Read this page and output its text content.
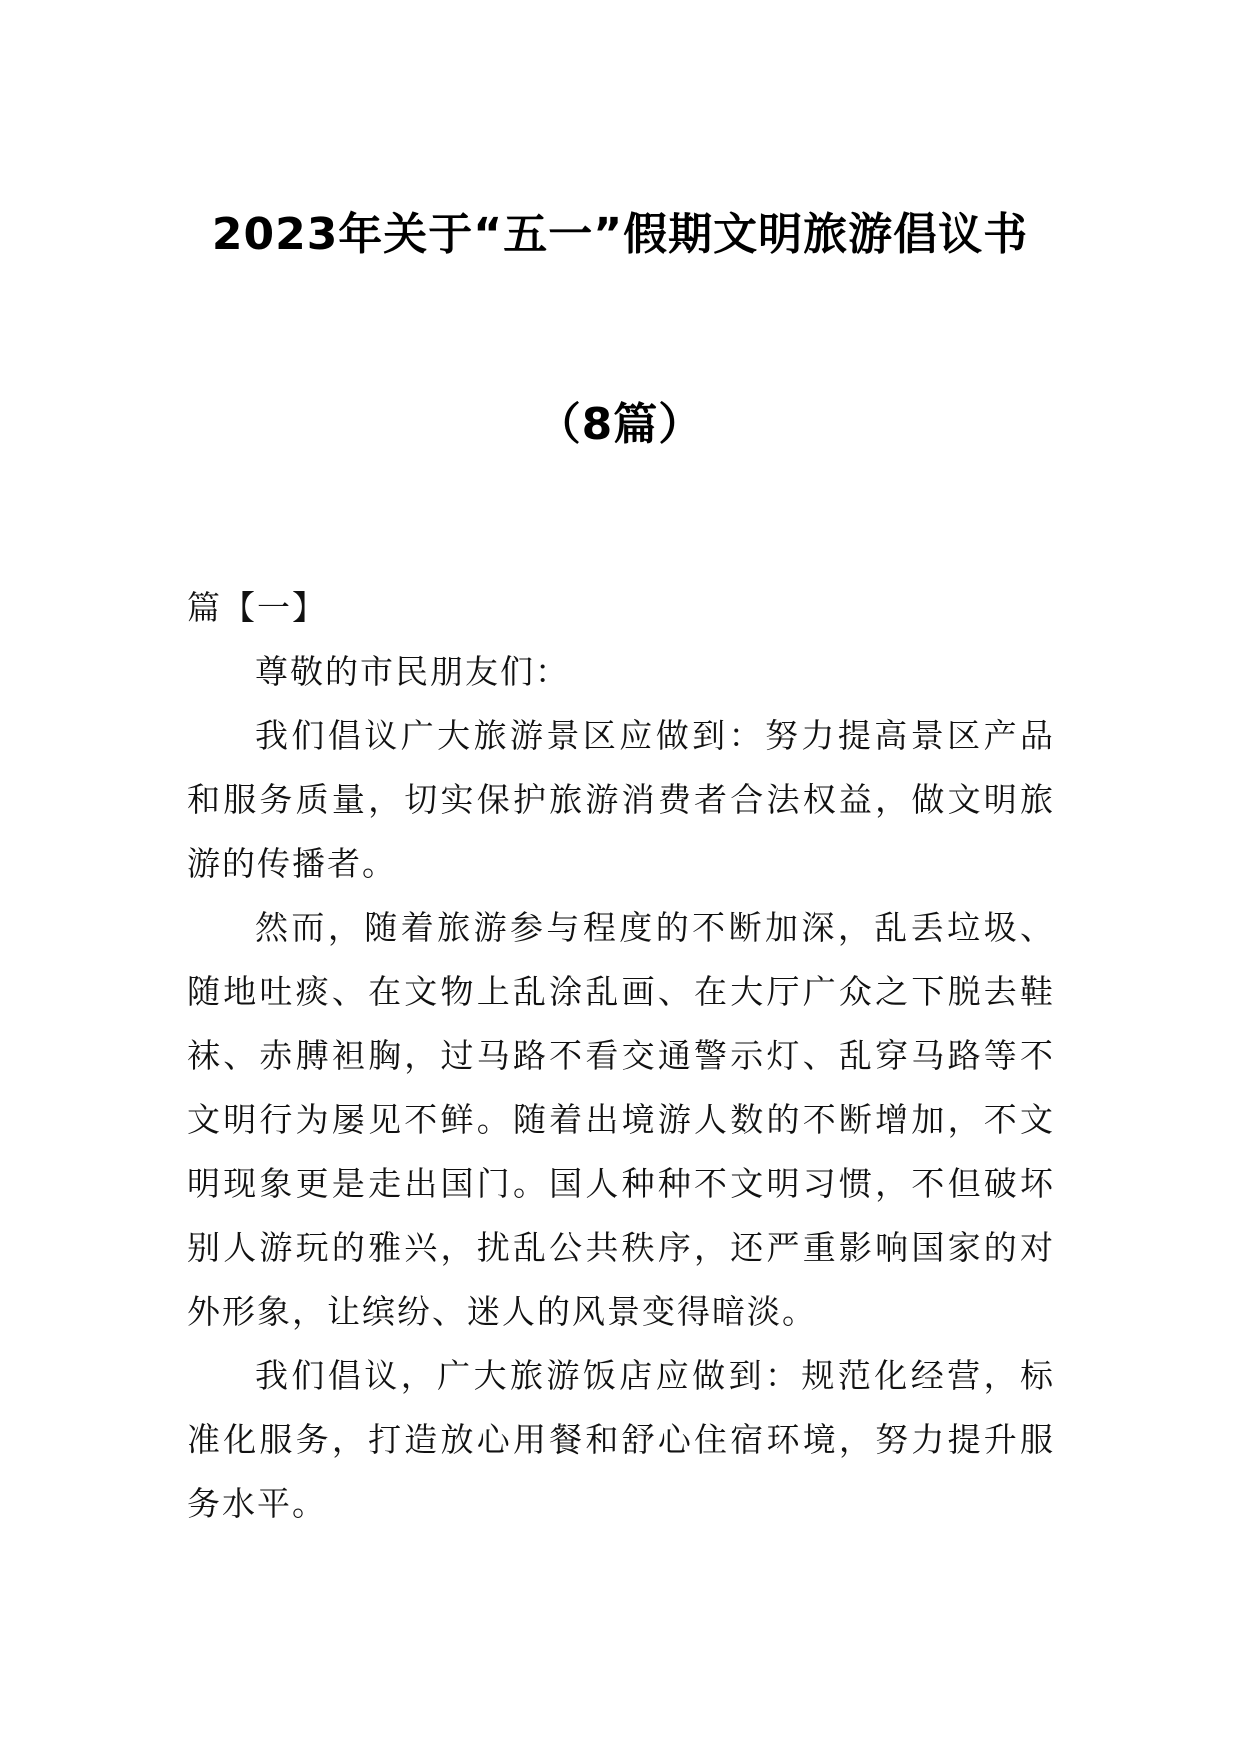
2023年关于“五一”假期文明旅游倡议书
（8篇）

篇【一】

尊敬的市民朋友们：

我们倡议广大旅游景区应做到：努力提高景区产品和服务质量，切实保护旅游消费者合法权益，做文明旅游的传播者。

然而，随着旅游参与程度的不断加深，乱丢垃圾、随地吐痰、在文物上乱涂乱画、在大厅广众之下脱去鞋袜、赤膊袒胸，过马路不看交通警示灯、乱穿马路等不文明行为屡见不鲜。随着出境游人数的不断增加，不文明现象更是走出国门。国人种种不文明习惯，不但破坏别人游玩的雅兴，扰乱公共秩序，还严重影响国家的对外形象，让缤纷、迷人的风景变得暗淡。

我们倡议，广大旅游饭店应做到：规范化经营，标准化服务，打造放心用餐和舒心住宿环境，努力提升服务水平。
